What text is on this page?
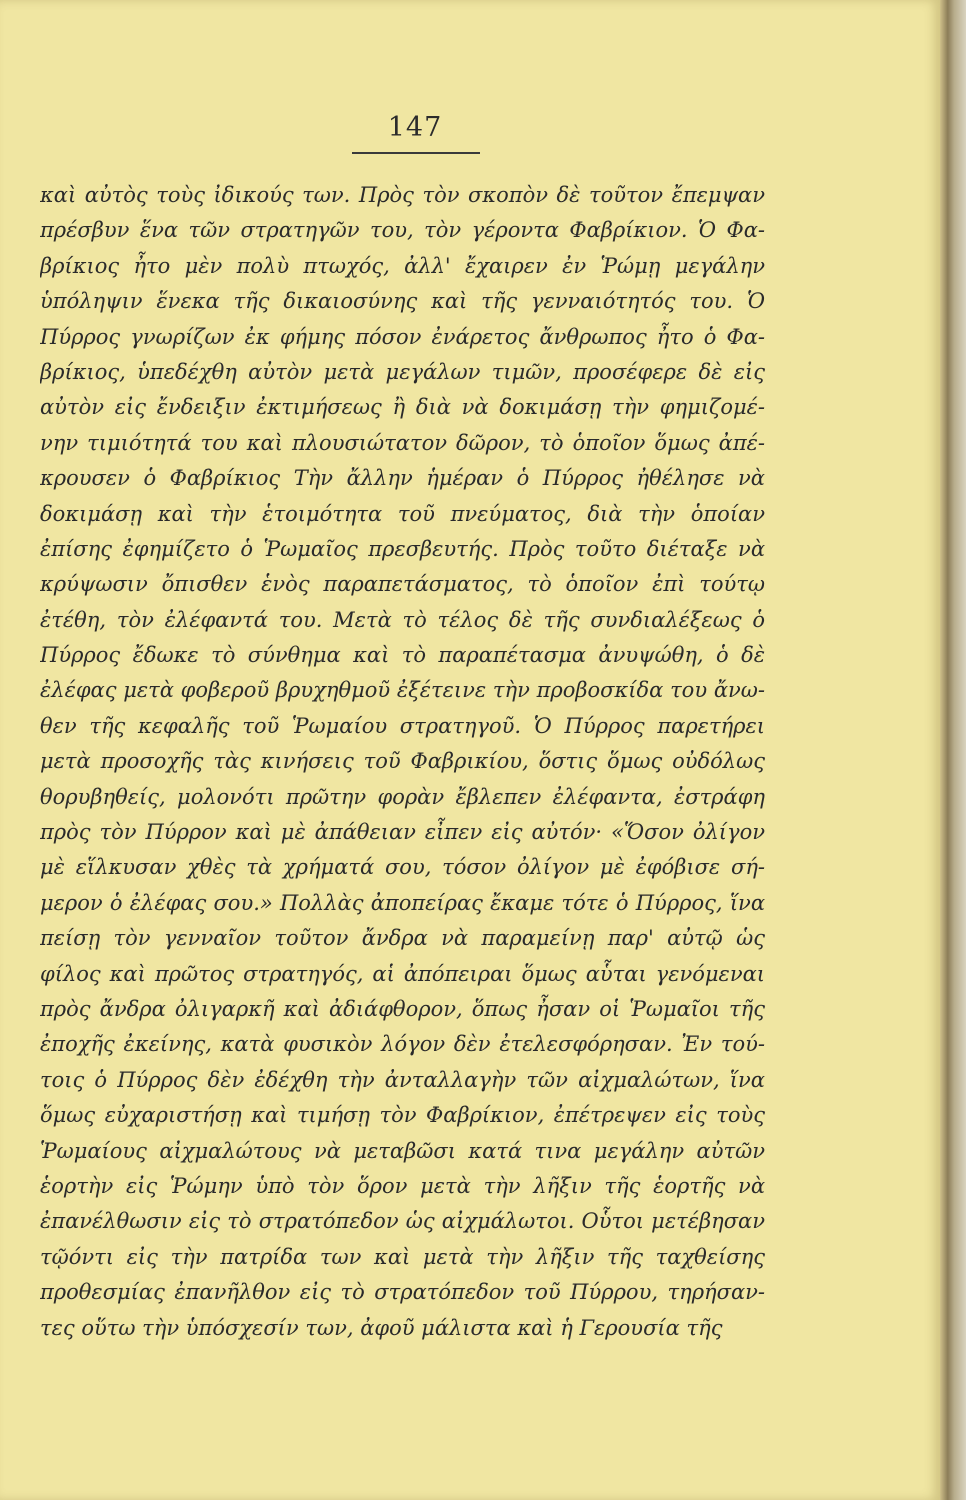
147
καὶ αὐτὸς τοὺς ἰδικούς των. Πρὸς τὸν σκοπὸν δὲ τοῦτον ἔπεμψαν
πρέσβυν ἕνα τῶν στρατηγῶν του, τὸν γέροντα Φαβρίκιον. Ὁ Φα-
βρίκιος ἦτο μὲν πολὺ πτωχός, ἀλλ' ἔχαιρεν ἐν Ῥώμῃ μεγάλην
ὑπόληψιν ἕνεκα τῆς δικαιοσύνης καὶ τῆς γενναιότητός του. Ὁ
Πύρρος γνωρίζων ἐκ φήμης πόσον ἐνάρετος ἄνθρωπος ἦτο ὁ Φα-
βρίκιος, ὑπεδέχθη αὐτὸν μετὰ μεγάλων τιμῶν, προσέφερε δὲ εἰς
αὐτὸν εἰς ἔνδειξιν ἐκτιμήσεως ἢ διὰ νὰ δοκιμάσῃ τὴν φημιζομέ-
νην τιμιότητά του καὶ πλουσιώτατον δῶρον, τὸ ὁποῖον ὅμως ἀπέ-
κρουσεν ὁ Φαβρίκιος Τὴν ἄλλην ἡμέραν ὁ Πύρρος ἠθέλησε νὰ
δοκιμάσῃ καὶ τὴν ἑτοιμότητα τοῦ πνεύματος, διὰ τὴν ὁποίαν
ἐπίσης ἐφημίζετο ὁ Ῥωμαῖος πρεσβευτής. Πρὸς τοῦτο διέταξε νὰ
κρύψωσιν ὄπισθεν ἑνὸς παραπετάσματος, τὸ ὁποῖον ἐπὶ τούτῳ
ἐτέθη, τὸν ἐλέφαντά του. Μετὰ τὸ τέλος δὲ τῆς συνδιαλέξεως ὁ
Πύρρος ἔδωκε τὸ σύνθημα καὶ τὸ παραπέτασμα ἀνυψώθη, ὁ δὲ
ἐλέφας μετὰ φοβεροῦ βρυχηθμοῦ ἐξέτεινε τὴν προβοσκίδα του ἄνω-
θεν τῆς κεφαλῆς τοῦ Ῥωμαίου στρατηγοῦ. Ὁ Πύρρος παρετήρει
μετὰ προσοχῆς τὰς κινήσεις τοῦ Φαβρικίου, ὅστις ὅμως οὐδόλως
θορυβηθείς, μολονότι πρῶτην φορὰν ἔβλεπεν ἐλέφαντα, ἐστράφη
πρὸς τὸν Πύρρον καὶ μὲ ἀπάθειαν εἶπεν εἰς αὐτόν· «Ὅσον ὀλίγον
μὲ εἵλκυσαν χθὲς τὰ χρήματά σου, τόσον ὀλίγον μὲ ἐφόβισε σή-
μερον ὁ ἐλέφας σου.» Πολλὰς ἀποπείρας ἔκαμε τότε ὁ Πύρρος, ἵνα
πείσῃ τὸν γενναῖον τοῦτον ἄνδρα νὰ παραμείνῃ παρ' αὐτῷ ὡς
φίλος καὶ πρῶτος στρατηγός, αἱ ἀπόπειραι ὅμως αὗται γενόμεναι
πρὸς ἄνδρα ὀλιγαρκῆ καὶ ἀδιάφθορον, ὅπως ἦσαν οἱ Ῥωμαῖοι τῆς
ἐποχῆς ἐκείνης, κατὰ φυσικὸν λόγον δὲν ἐτελεσφόρησαν. Ἐν τού-
τοις ὁ Πύρρος δὲν ἐδέχθη τὴν ἀνταλλαγὴν τῶν αἰχμαλώτων, ἵνα
ὅμως εὐχαριστήσῃ καὶ τιμήσῃ τὸν Φαβρίκιον, ἐπέτρεψεν εἰς τοὺς
Ῥωμαίους αἰχμαλώτους νὰ μεταβῶσι κατά τινα μεγάλην αὐτῶν
ἑορτὴν εἰς Ῥώμην ὑπὸ τὸν ὅρον μετὰ τὴν λῆξιν τῆς ἑορτῆς νὰ
ἐπανέλθωσιν εἰς τὸ στρατόπεδον ὡς αἰχμάλωτοι. Οὗτοι μετέβησαν
τῷόντι εἰς τὴν πατρίδα των καὶ μετὰ τὴν λῆξιν τῆς ταχθείσης
προθεσμίας ἐπανῆλθον εἰς τὸ στρατόπεδον τοῦ Πύρρου, τηρήσαν-
τες οὕτω τὴν ὑπόσχεσίν των, ἀφοῦ μάλιστα καὶ ἡ Γερουσία τῆς
